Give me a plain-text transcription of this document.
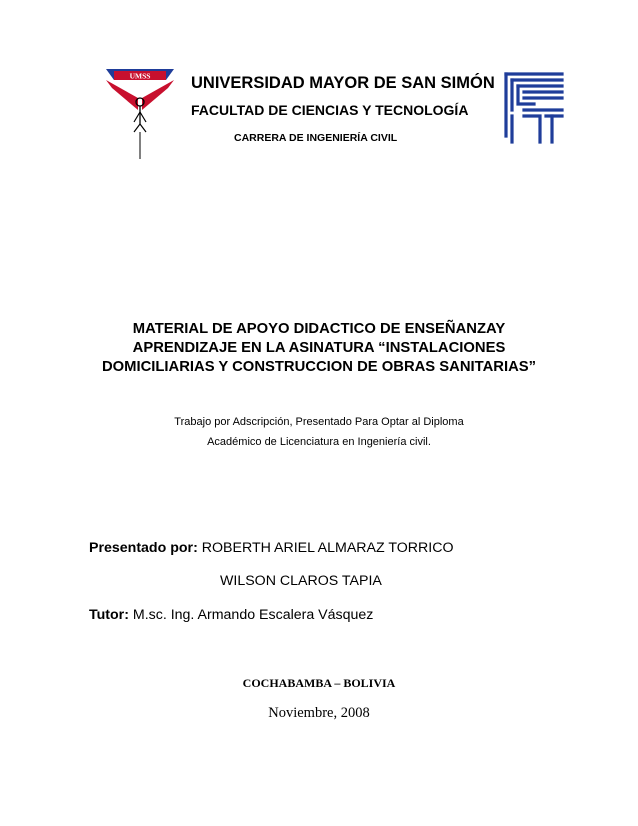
UMSS UNIVERSIDAD MAYOR DE SAN SIMÓN
FACULTAD DE CIENCIAS Y TECNOLOGÍA
CARRERA DE INGENIERÍA CIVIL
MATERIAL DE APOYO DIDACTICO DE ENSEÑANZAY
APRENDIZAJE EN LA ASINATURA “INSTALACIONES
DOMICILIARIAS Y CONSTRUCCION DE OBRAS SANITARIAS”
Trabajo por Adscripción, Presentado Para Optar al Diploma
Académico de Licenciatura en Ingeniería civil.
Presentado por: ROBERTH ARIEL ALMARAZ TORRICO
WILSON CLAROS TAPIA
Tutor: M.sc. Ing. Armando Escalera Vásquez
COCHABAMBA – BOLIVIA
Noviembre, 2008
